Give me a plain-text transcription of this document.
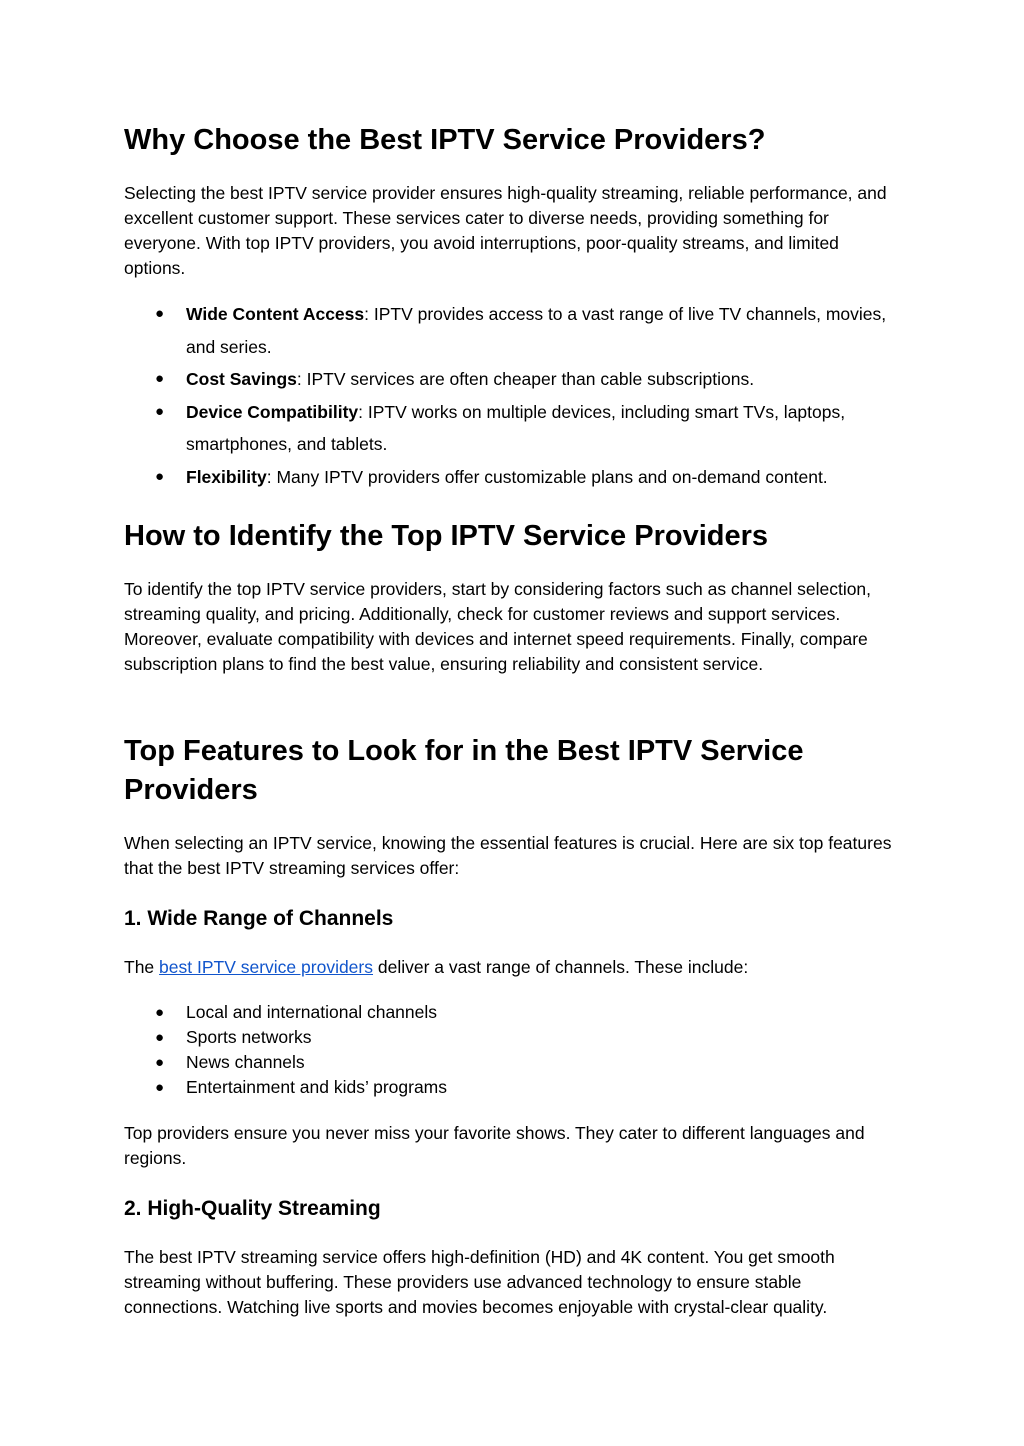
Why Choose the Best IPTV Service Providers?

Selecting the best IPTV service provider ensures high-quality streaming, reliable performance, and excellent customer support. These services cater to diverse needs, providing something for everyone. With top IPTV providers, you avoid interruptions, poor-quality streams, and limited options.

● Wide Content Access: IPTV provides access to a vast range of live TV channels, movies, and series.
● Cost Savings: IPTV services are often cheaper than cable subscriptions.
● Device Compatibility: IPTV works on multiple devices, including smart TVs, laptops, smartphones, and tablets.
● Flexibility: Many IPTV providers offer customizable plans and on-demand content.
How to Identify the Top IPTV Service Providers

To identify the top IPTV service providers, start by considering factors such as channel selection, streaming quality, and pricing. Additionally, check for customer reviews and support services. Moreover, evaluate compatibility with devices and internet speed requirements. Finally, compare subscription plans to find the best value, ensuring reliability and consistent service.

Top Features to Look for in the Best IPTV Service Providers

When selecting an IPTV service, knowing the essential features is crucial. Here are six top features that the best IPTV streaming services offer:

1. Wide Range of Channels

The best IPTV service providers deliver a vast range of channels. These include:

● Local and international channels
● Sports networks
● News channels
● Entertainment and kids’ programs

Top providers ensure you never miss your favorite shows. They cater to different languages and regions.

2. High-Quality Streaming

The best IPTV streaming service offers high-definition (HD) and 4K content. You get smooth streaming without buffering. These providers use advanced technology to ensure stable connections. Watching live sports and movies becomes enjoyable with crystal-clear quality.
